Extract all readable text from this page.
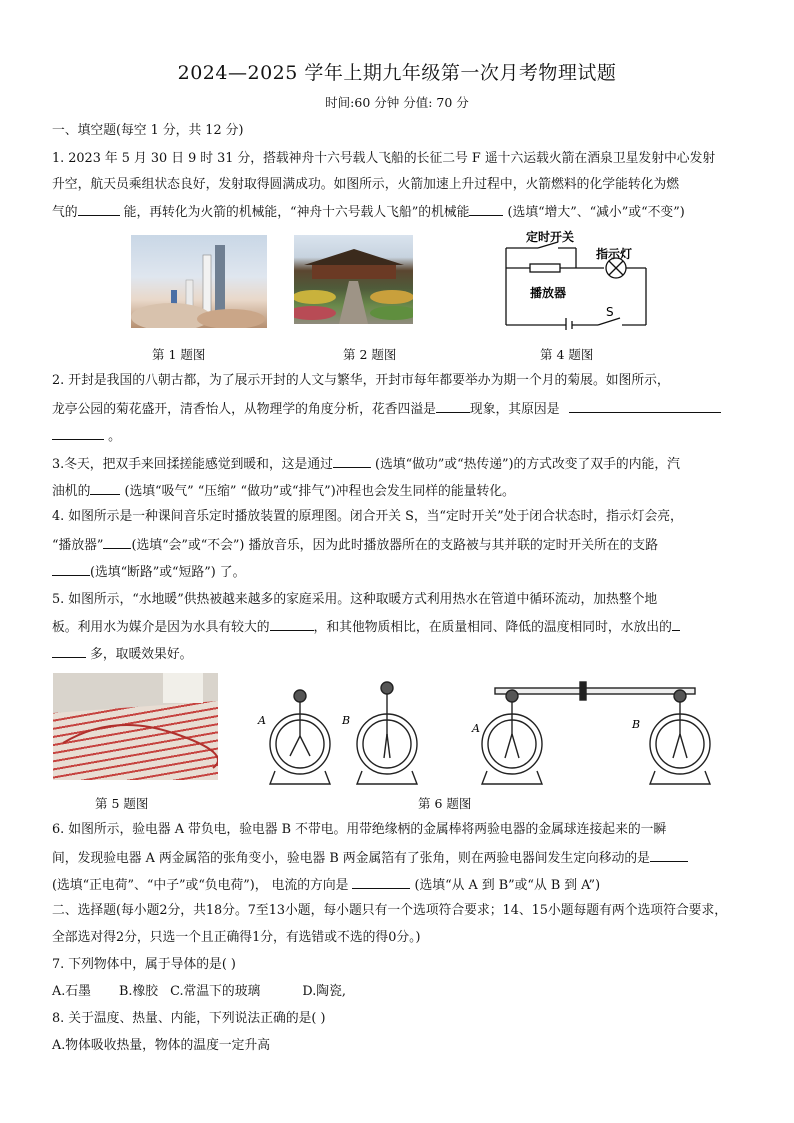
2024—2025 学年上期九年级第一次月考物理试题
时间:60 分钟 分值: 70 分
一、填空题(每空 1 分，共 12 分)
1. 2023 年 5 月 30 日 9 时 31 分，搭载神舟十六号载人飞船的长征二号 F 遥十六运载火箭在酒泉卫星发射中心发射
升空，航天员乘组状态良好，发射取得圆满成功。如图所示，火箭加速上升过程中，火箭燃料的化学能转化为燃
气的	能，再转化为火箭的机械能，“神舟十六号载人飞船”的机械能	(选填“增大”、“减小”或“不变”)
定时开关
指示灯
播放器
S
第 1 题图	第 2 题图	第 4 题图
2. 开封是我国的八朝古都，为了展示开封的人文与繁华，开封市每年都要举办为期一个月的菊展。如图所示，
龙亭公园的菊花盛开，清香怡人，从物理学的角度分析，花香四溢是	现象，其原因是
。
3.冬天，把双手来回揉搓能感觉到暖和，这是通过	(选填“做功”或“热传递”)的方式改变了双手的内能，汽
油机的 (选填“吸气” “压缩” “做功”或“排气”)冲程也会发生同样的能量转化。
4. 如图所示是一种课间音乐定时播放装置的原理图。闭合开关 S，当“定时开关”处于闭合状态时，指示灯会亮，
“播放器” (选填“会”或“不会”) 播放音乐，因为此时播放器所在的支路被与其并联的定时开关所在的支路
(选填“断路”或“短路”) 了。
5. 如图所示，“水地暖”供热被越来越多的家庭采用。这种取暖方式利用热水在管道中循环流动，加热整个地
板。利用水为媒介是因为水具有较大的	，和其他物质相比，在质量相同、降低的温度相同时，水放出的
多，取暖效果好。
A	B
A	B
第 5 题图	第 6 题图
6. 如图所示，验电器 A 带负电，验电器 B 不带电。用带绝缘柄的金属棒将两验电器的金属球连接起来的一瞬
间，发现验电器 A 两金属箔的张角变小，验电器 B 两金属箔有了张角，则在两验电器间发生定向移动的是
(选填“正电荷”、“中子”或“负电荷”)， 电流的方向是	(选填“从 A 到 B”或“从 B 到 A”)
二、选择题(每小题2分，共18分。7至13小题，每小题只有一个选项符合要求；14、15小题每题有两个选项符合要求，
全部选对得2分，只选一个且正确得1分，有选错或不选的得0分。)
7. 下列物体中，属于导体的是( )
A.石墨 B.橡胶 C.常温下的玻璃	D.陶瓷,
8. 关于温度、热量、内能，下列说法正确的是( )
A.物体吸收热量，物体的温度一定升高
